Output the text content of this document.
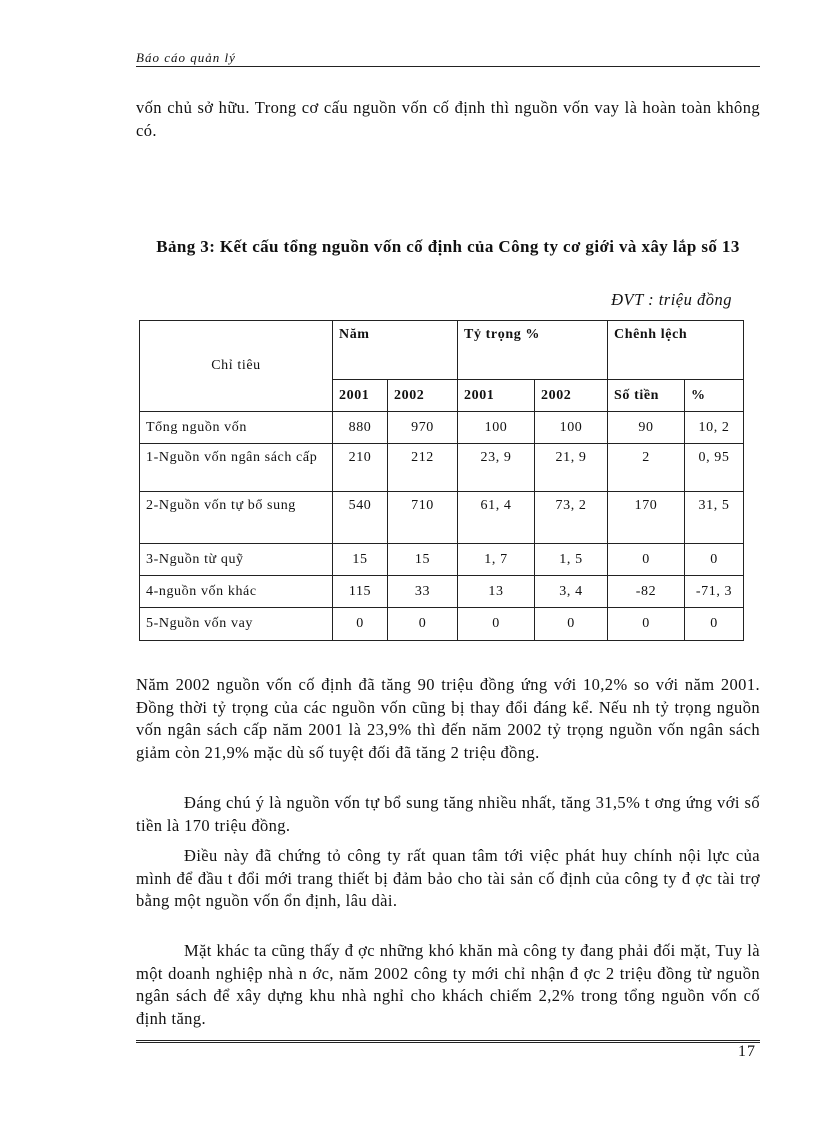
Báo cáo quản lý

vốn chủ sở hữu. Trong cơ cấu nguồn vốn cố định thì nguồn vốn vay là hoàn toàn không có.

Bảng 3: Kết cấu tổng nguồn vốn cố định của Công ty cơ giới và xây lắp số 13
ĐVT : triệu đồng
Chỉ tiêu	Năm		Tỷ trọng %		Chênh lệch	
	2001	2002	2001	2002	Số tiền	%
Tổng nguồn vốn	880	970	100	100	90	10, 2
1-Nguồn vốn ngân sách cấp	210	212	23, 9	21, 9	2	0, 95
2-Nguồn vốn tự bổ sung	540	710	61, 4	73, 2	170	31, 5
3-Nguồn từ quỹ	15	15	1, 7	1, 5	0	0
4-nguồn vốn khác	115	33	13	3, 4	-82	-71, 3
5-Nguồn vốn vay	0	0	0	0	0	0

Năm 2002 nguồn vốn cố định đã tăng 90 triệu đồng ứng với 10,2% so với năm 2001. Đồng thời tỷ trọng của các nguồn vốn cũng bị thay đổi đáng kể. Nếu nh tỷ trọng nguồn vốn ngân sách cấp năm 2001 là 23,9% thì đến năm 2002 tỷ trọng nguồn vốn ngân sách giảm còn 21,9% mặc dù số tuyệt đối đã tăng 2 triệu đồng.

Đáng chú ý là nguồn vốn tự bổ sung tăng nhiều nhất, tăng 31,5% t ơng ứng với số tiền là 170 triệu đồng.

Điều này đã chứng tỏ công ty rất quan tâm tới việc phát huy chính nội lực của mình để đầu t đổi mới trang thiết bị đảm bảo cho tài sản cố định của công ty đ ợc tài trợ bằng một nguồn vốn ổn định, lâu dài.

Mặt khác ta cũng thấy đ ợc những khó khăn mà công ty đang phải đối mặt, Tuy là một doanh nghiệp nhà n ớc, năm 2002 công ty mới chỉ nhận đ ợc 2 triệu đồng từ nguồn ngân sách để xây dựng khu nhà nghỉ cho khách chiếm 2,2% trong tổng nguồn vốn cố định tăng.

17
